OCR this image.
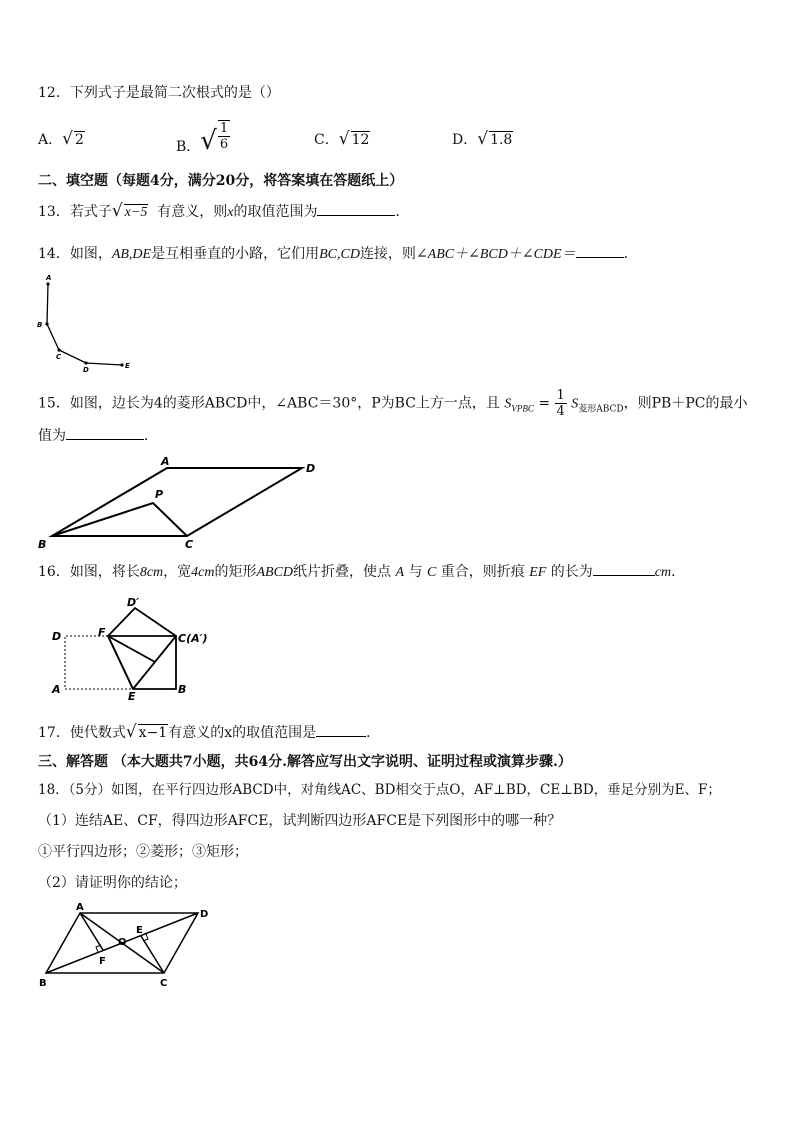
12．下列式子是最简二次根式的是（）
A．√ 2	B．√ $\frac{1}{6}$	C．√ 12	D．√ 1.8
二、填空题（每题4分，满分20分，将答案填在答题纸上）
13．若式子√ x−5 有意义，则x的取值范围为	．
14．如图，AB,DE是互相垂直的小路，它们用BC,CD连接，则∠ABC＋∠BCD＋∠CDE＝	．
A
B
C
D	E
15．如图，边长为4的菱形ABCD中，∠ABC＝30°，P为BC上方一点，且 $S_{VPBC} = \frac{1}{4} S_{菱形ABCD}$，则PB＋PC的最小
值为	．
A
D
P
B	C
16．如图，将长8cm，宽4cm的矩形ABCD纸片折叠，使点 A 与 C 重合，则折痕 EF 的长为	cm．
D′
D	F	C(A′)
A
E
B
17．使代数式√ x−1有意义的x的取值范围是	．
三、解答题 （本大题共7小题，共64分.解答应写出文字说明、证明过程或演算步骤.）
18．（5分）如图，在平行四边形ABCD中，对角线AC、BD相交于点O，AF⊥BD，CE⊥BD，垂足分别为E、F；
（1）连结AE、CF，得四边形AFCE，试判断四边形AFCE是下列图形中的哪一种？
①平行四边形；②菱形；③矩形；
（2）请证明你的结论；
A
D
E
O
F
B	C
